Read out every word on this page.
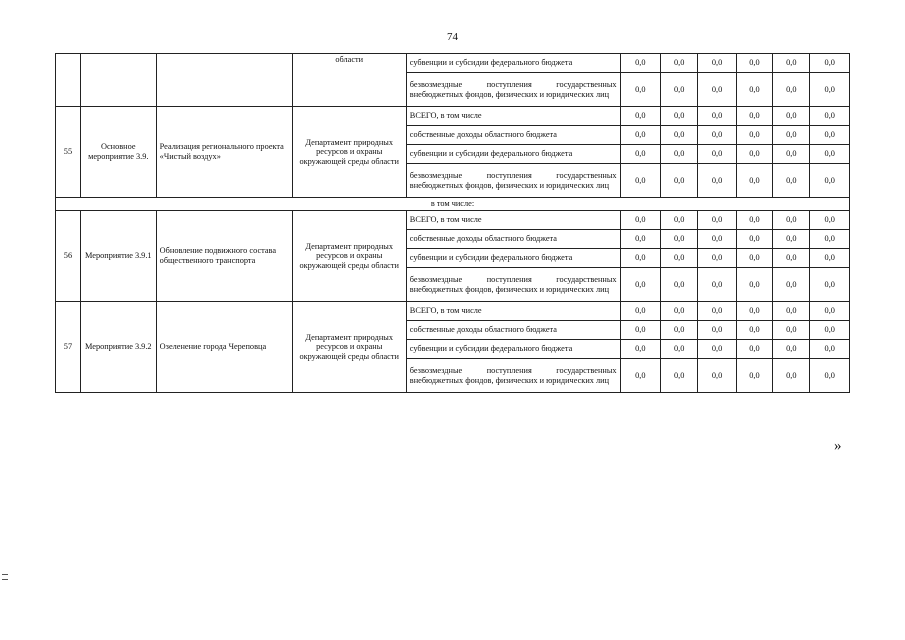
74
			области	субвенции и субсидии федерального бюджета	0,0	0,0	0,0	0,0	0,0	0,0
				безвозмездные поступления государственных внебюджетных фондов, физических и юридических лиц	0,0	0,0	0,0	0,0	0,0	0,0
55	Основное мероприятие 3.9.	Реализация регионального проекта «Чистый воздух»	Департамент природных ресурсов и охраны окружающей среды области	ВСЕГО, в том числе	0,0	0,0	0,0	0,0	0,0	0,0
				собственные доходы областного бюджета	0,0	0,0	0,0	0,0	0,0	0,0
				субвенции и субсидии федерального бюджета	0,0	0,0	0,0	0,0	0,0	0,0
				безвозмездные поступления государственных внебюджетных фондов, физических и юридических лиц	0,0	0,0	0,0	0,0	0,0	0,0
в том числе:										
56	Мероприятие 3.9.1	Обновление подвижного состава общественного транспорта	Департамент природных ресурсов и охраны окружающей среды области	ВСЕГО, в том числе	0,0	0,0	0,0	0,0	0,0	0,0
				собственные доходы областного бюджета	0,0	0,0	0,0	0,0	0,0	0,0
				субвенции и субсидии федерального бюджета	0,0	0,0	0,0	0,0	0,0	0,0
				безвозмездные поступления государственных внебюджетных фондов, физических и юридических лиц	0,0	0,0	0,0	0,0	0,0	0,0
57	Мероприятие 3.9.2	Озеленение города Череповца	Департамент природных ресурсов и охраны окружающей среды области	ВСЕГО, в том числе	0,0	0,0	0,0	0,0	0,0	0,0
				собственные доходы областного бюджета	0,0	0,0	0,0	0,0	0,0	0,0
				субвенции и субсидии федерального бюджета	0,0	0,0	0,0	0,0	0,0	0,0
				безвозмездные поступления государственных внебюджетных фондов, физических и юридических лиц	0,0	0,0	0,0	0,0	0,0	0,0
»
